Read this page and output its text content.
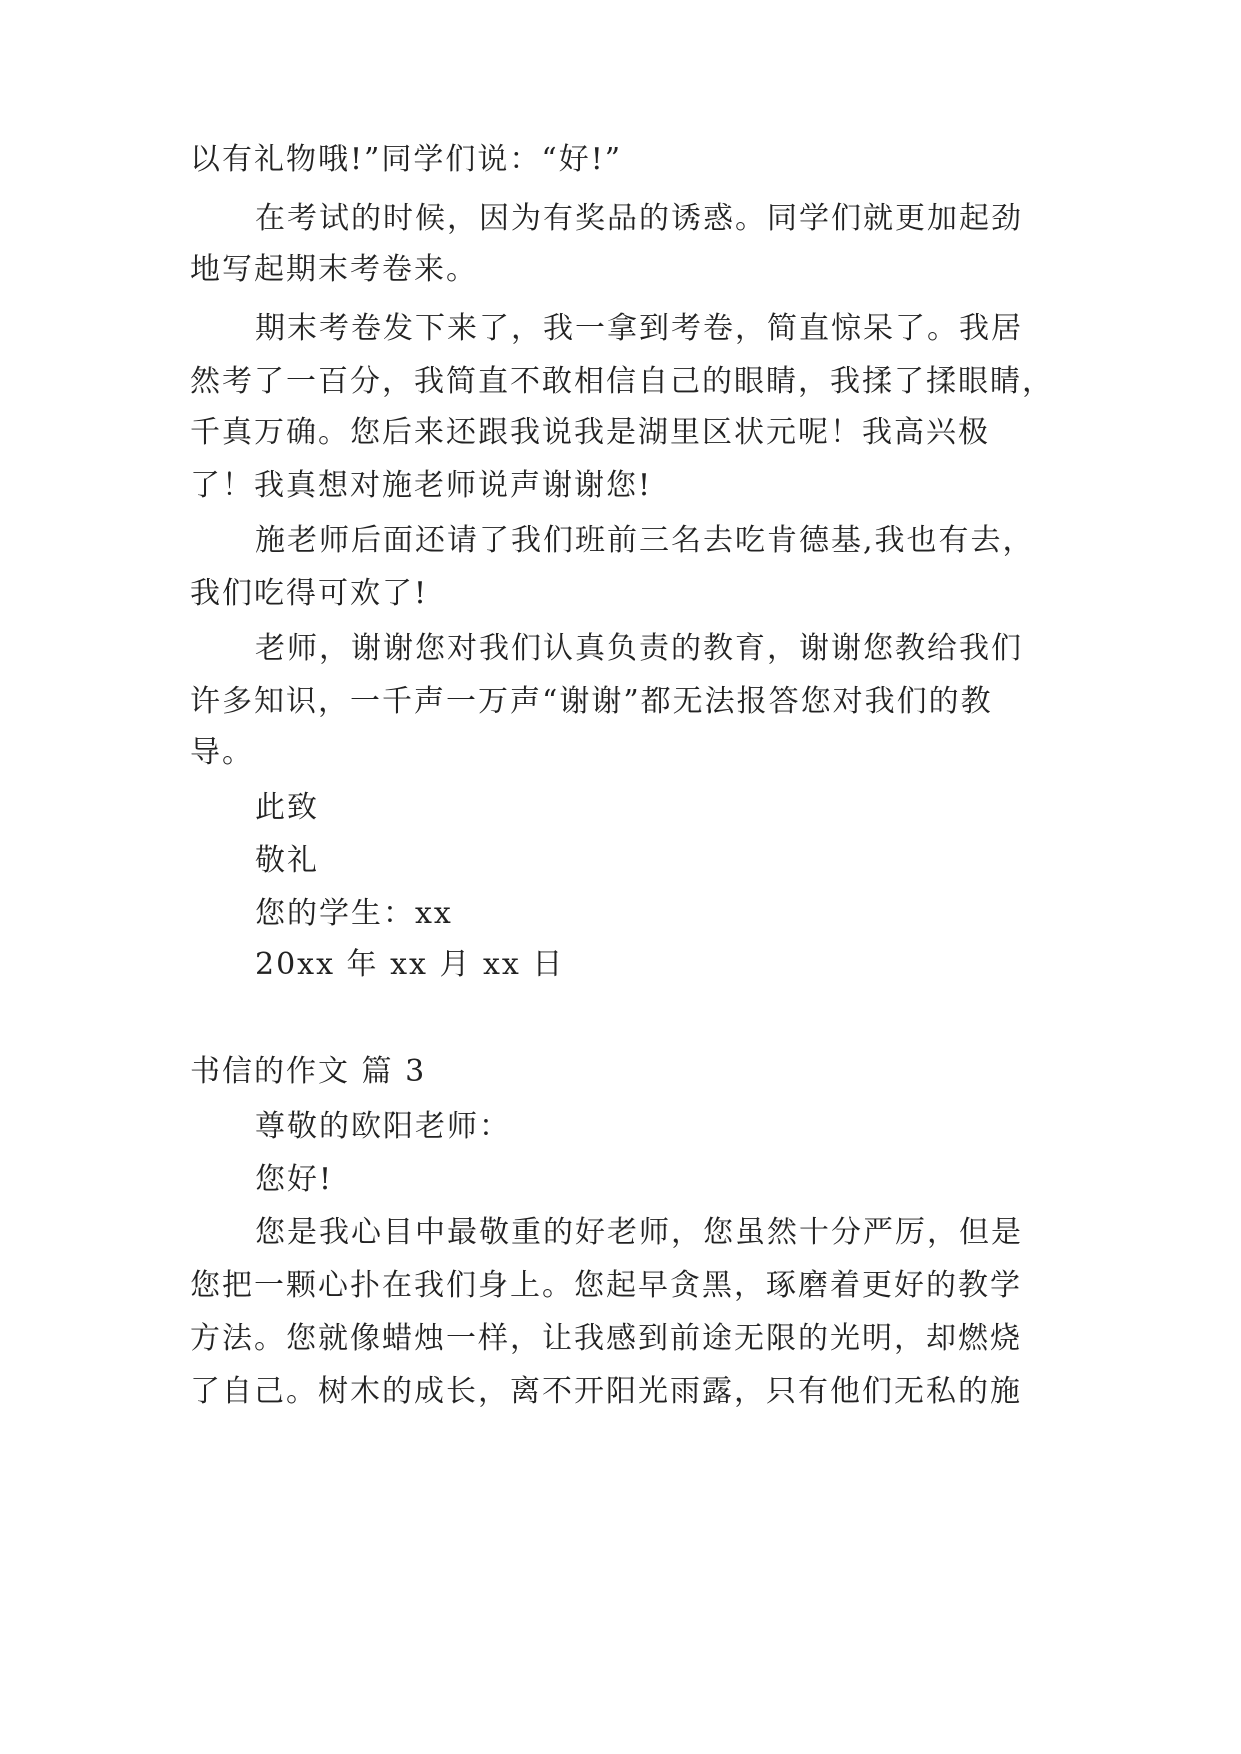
以有礼物哦!”同学们说：“好!”
在考试的时候，因为有奖品的诱惑。同学们就更加起劲
地写起期末考卷来。
期末考卷发下来了，我一拿到考卷，简直惊呆了。我居
然考了一百分，我简直不敢相信自己的眼睛，我揉了揉眼睛，
千真万确。您后来还跟我说我是湖里区状元呢！我高兴极
了！我真想对施老师说声谢谢您!
施老师后面还请了我们班前三名去吃肯德基,我也有去，
我们吃得可欢了!
老师，谢谢您对我们认真负责的教育，谢谢您教给我们
许多知识，一千声一万声“谢谢”都无法报答您对我们的教
导。
此致
敬礼
您的学生：xx
20xx 年 xx 月 xx 日
书信的作文 篇 3
尊敬的欧阳老师：
您好!
您是我心目中最敬重的好老师，您虽然十分严厉，但是
您把一颗心扑在我们身上。您起早贪黑，琢磨着更好的教学
方法。您就像蜡烛一样，让我感到前途无限的光明，却燃烧
了自己。树木的成长，离不开阳光雨露，只有他们无私的施
